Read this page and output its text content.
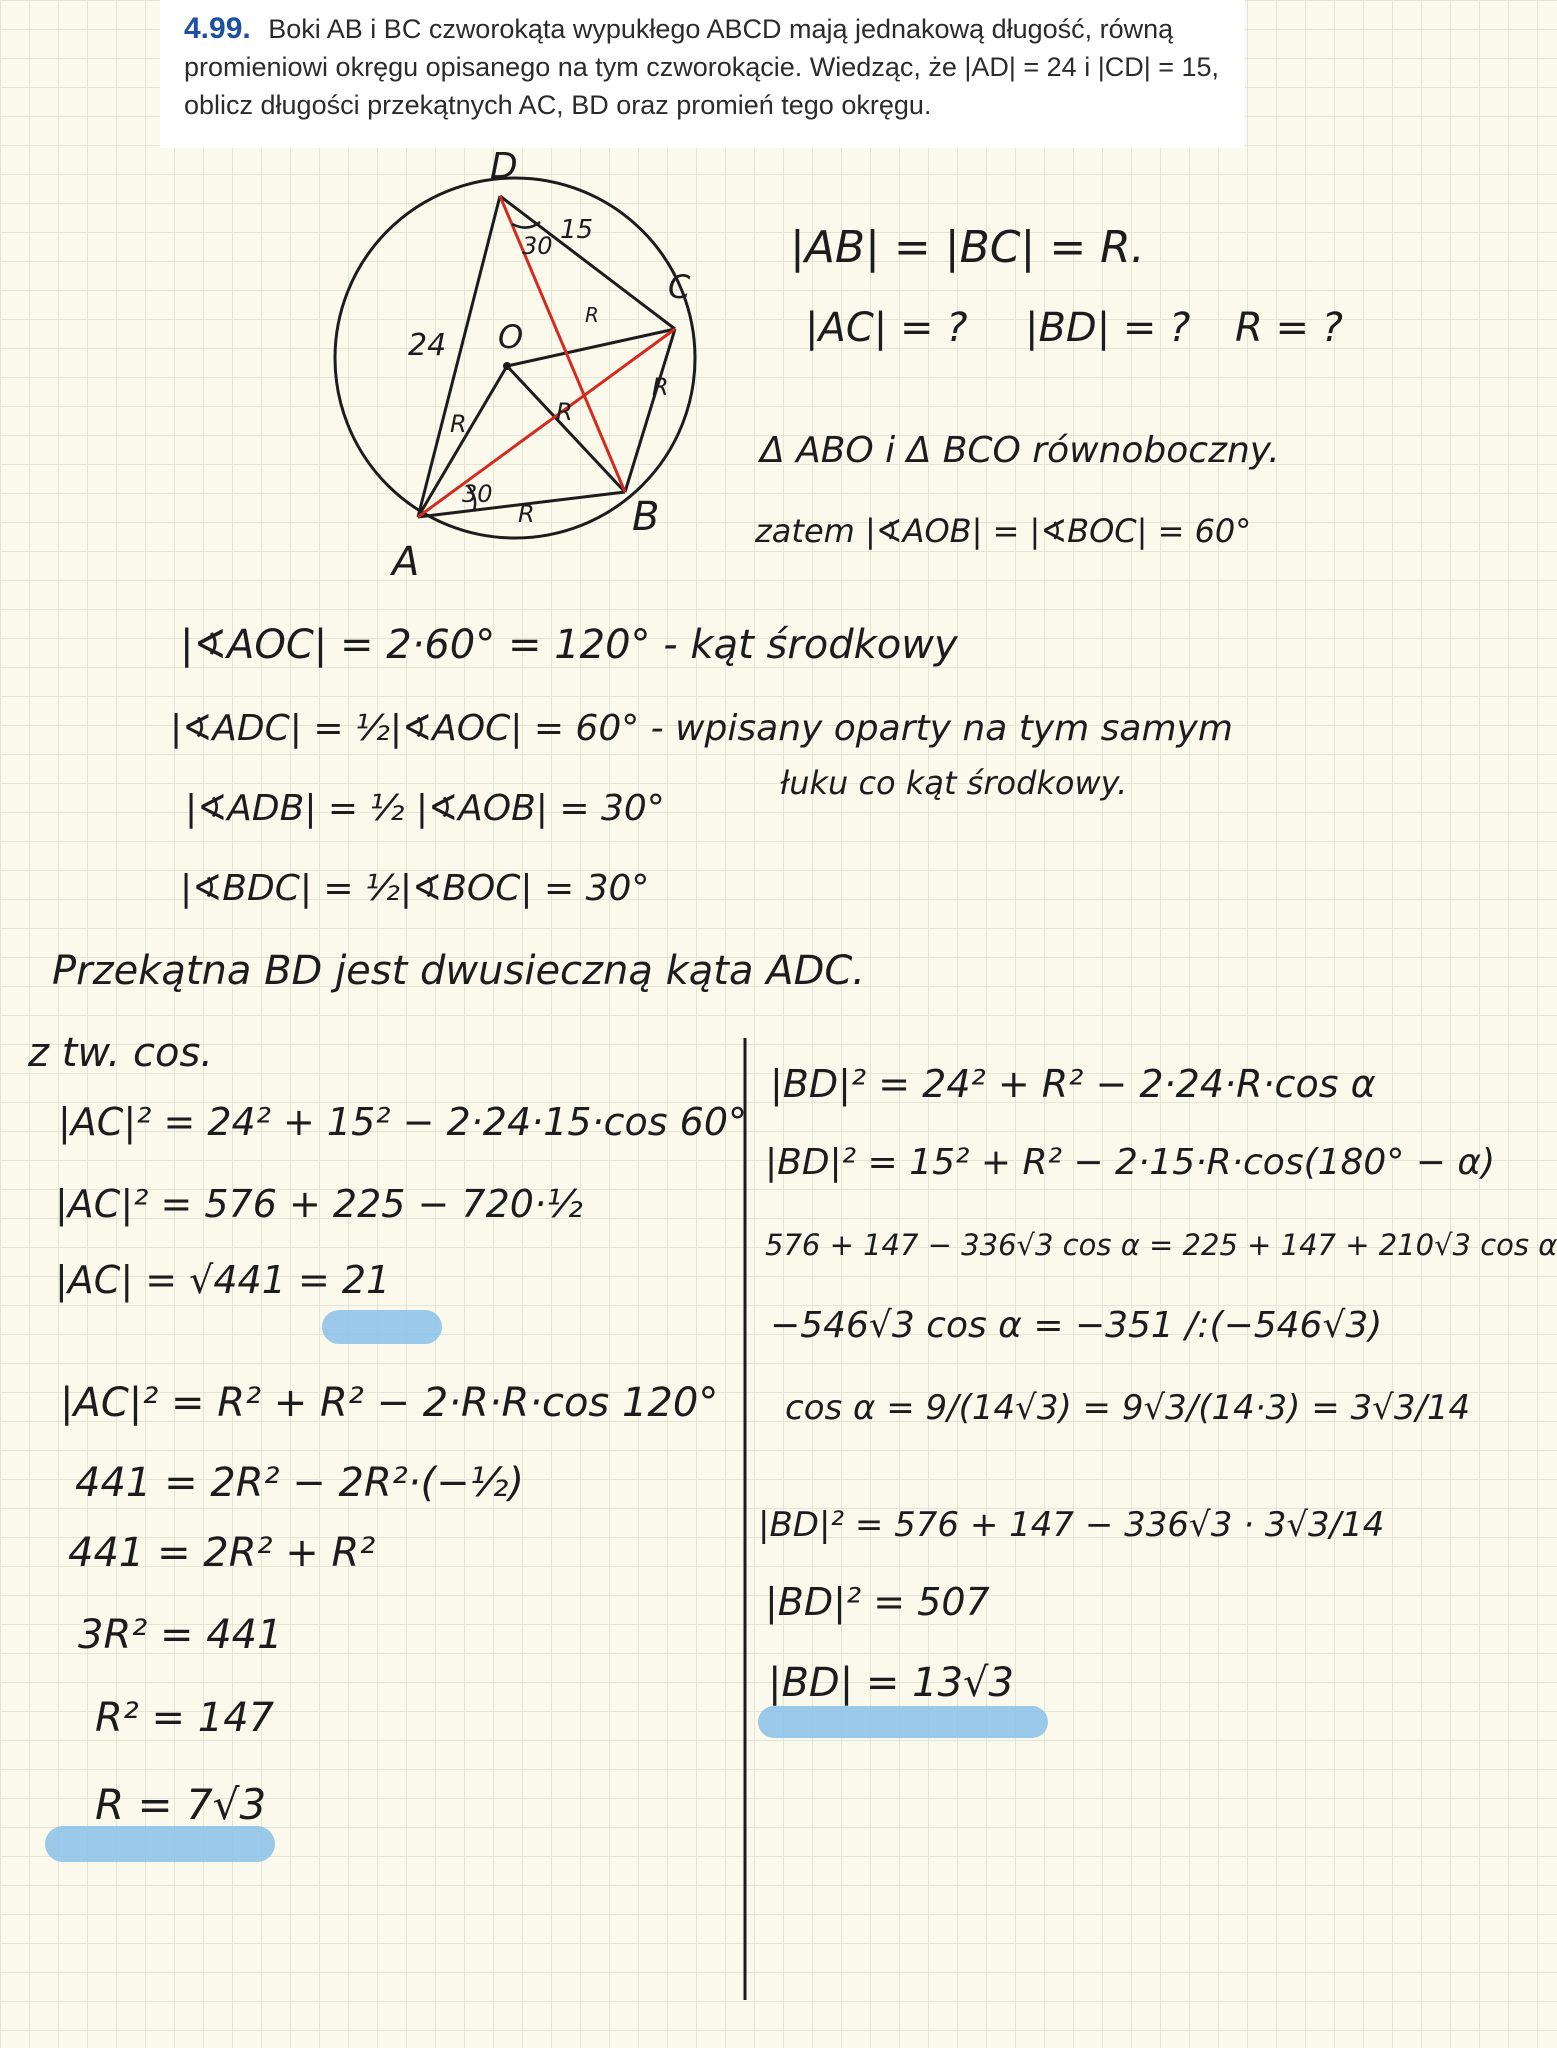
4.99. Boki AB i BC czworokąta wypukłego ABCD mają jednakową długość, równą promieniowi okręgu opisanego na tym czworokącie. Wiedząc, że |AD| = 24 i |CD| = 15, oblicz długości przekątnych AC, BD oraz promień tego okręgu.
D
C
O
A
B
24
15
30
30
R
R
R
R
R
|AB| = |BC| = R.
|AC| = ? |BD| = ? R = ?
Δ ABO i Δ BCO równoboczny.
zatem |∢AOB| = |∢BOC| = 60°
|∢AOC| = 2·60° = 120° - kąt środkowy
|∢ADC| = ½|∢AOC| = 60° - wpisany oparty na tym samym
łuku co kąt środkowy.
|∢ADB| = ½ |∢AOB| = 30°
|∢BDC| = ½|∢BOC| = 30°
Przekątna BD jest dwusieczną kąta ADC.
z tw. cos.
|AC|² = 24² + 15² − 2·24·15·cos 60°
|AC|² = 576 + 225 − 720·½
|AC| = √441 = 21
|AC|² = R² + R² − 2·R·R·cos 120°
441 = 2R² − 2R²·(−½)
441 = 2R² + R²
3R² = 441
R² = 147
R = 7√3
|BD|² = 24² + R² − 2·24·R·cos α
|BD|² = 15² + R² − 2·15·R·cos(180° − α)
576 + 147 − 336√3 cos α = 225 + 147 + 210√3 cos α
−546√3 cos α = −351 /:(−546√3)
cos α = 9/(14√3) = 9√3/(14·3) = 3√3/14
|BD|² = 576 + 147 − 336√3 · 3√3/14
|BD|² = 507
|BD| = 13√3
